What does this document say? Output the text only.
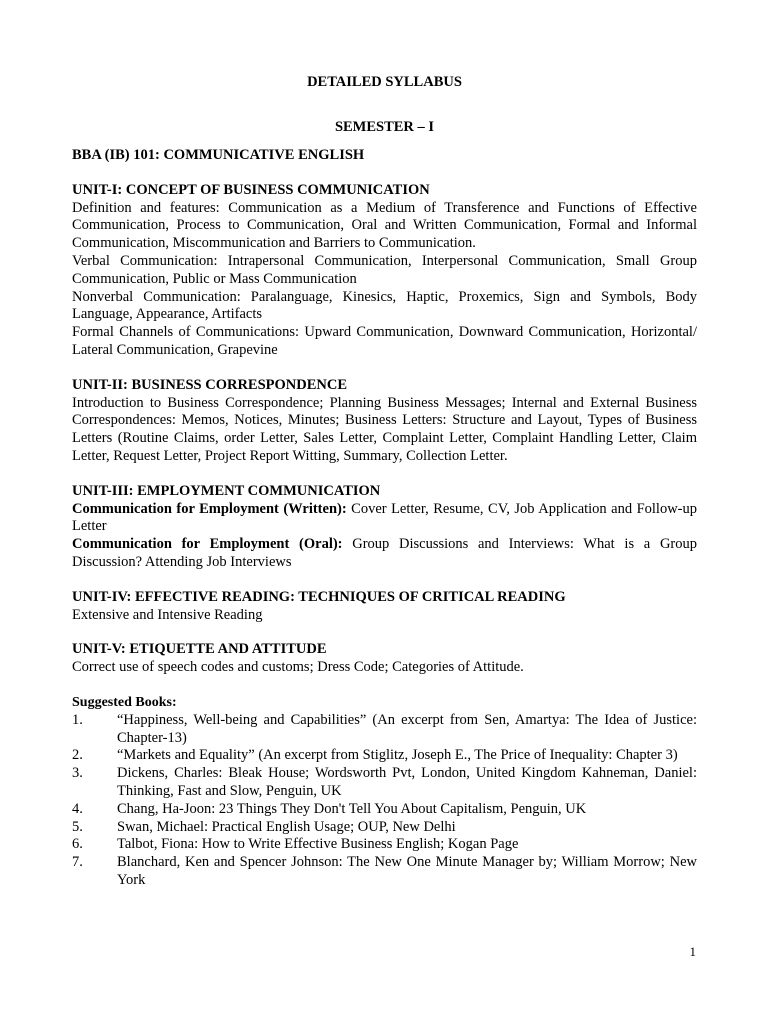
DETAILED SYLLABUS
SEMESTER – I
BBA (IB) 101: COMMUNICATIVE ENGLISH
UNIT-I: CONCEPT OF BUSINESS COMMUNICATION

Definition and features: Communication as a Medium of Transference and Functions of Effective Communication, Process to Communication, Oral and Written Communication, Formal and Informal Communication, Miscommunication and Barriers to Communication.

Verbal Communication: Intrapersonal Communication, Interpersonal Communication, Small Group Communication, Public or Mass Communication

Nonverbal Communication: Paralanguage, Kinesics, Haptic, Proxemics, Sign and Symbols, Body Language, Appearance, Artifacts

Formal Channels of Communications: Upward Communication, Downward Communication, Horizontal/ Lateral Communication, Grapevine

UNIT-II: BUSINESS CORRESPONDENCE

Introduction to Business Correspondence; Planning Business Messages; Internal and External Business Correspondences: Memos, Notices, Minutes; Business Letters: Structure and Layout, Types of Business Letters (Routine Claims, order Letter, Sales Letter, Complaint Letter, Complaint Handling Letter, Claim Letter, Request Letter, Project Report Witting, Summary, Collection Letter.

UNIT-III: EMPLOYMENT COMMUNICATION

Communication for Employment (Written): Cover Letter, Resume, CV, Job Application and Follow-up Letter

Communication for Employment (Oral): Group Discussions and Interviews: What is a Group Discussion? Attending Job Interviews

UNIT-IV: EFFECTIVE READING: TECHNIQUES OF CRITICAL READING

Extensive and Intensive Reading

UNIT-V: ETIQUETTE AND ATTITUDE

Correct use of speech codes and customs; Dress Code; Categories of Attitude.

Suggested Books:
1.	“Happiness, Well-being and Capabilities” (An excerpt from Sen, Amartya: The Idea of Justice: Chapter-13)
2.	“Markets and Equality” (An excerpt from Stiglitz, Joseph E., The Price of Inequality: Chapter 3)
3.	Dickens, Charles: Bleak House; Wordsworth Pvt, London, United Kingdom Kahneman, Daniel: Thinking, Fast and Slow, Penguin, UK
4.	Chang, Ha-Joon: 23 Things They Don't Tell You About Capitalism, Penguin, UK
5.	Swan, Michael: Practical English Usage; OUP, New Delhi
6.	Talbot, Fiona: How to Write Effective Business English; Kogan Page
7.	Blanchard, Ken and Spencer Johnson: The New One Minute Manager by; William Morrow; New York
1
